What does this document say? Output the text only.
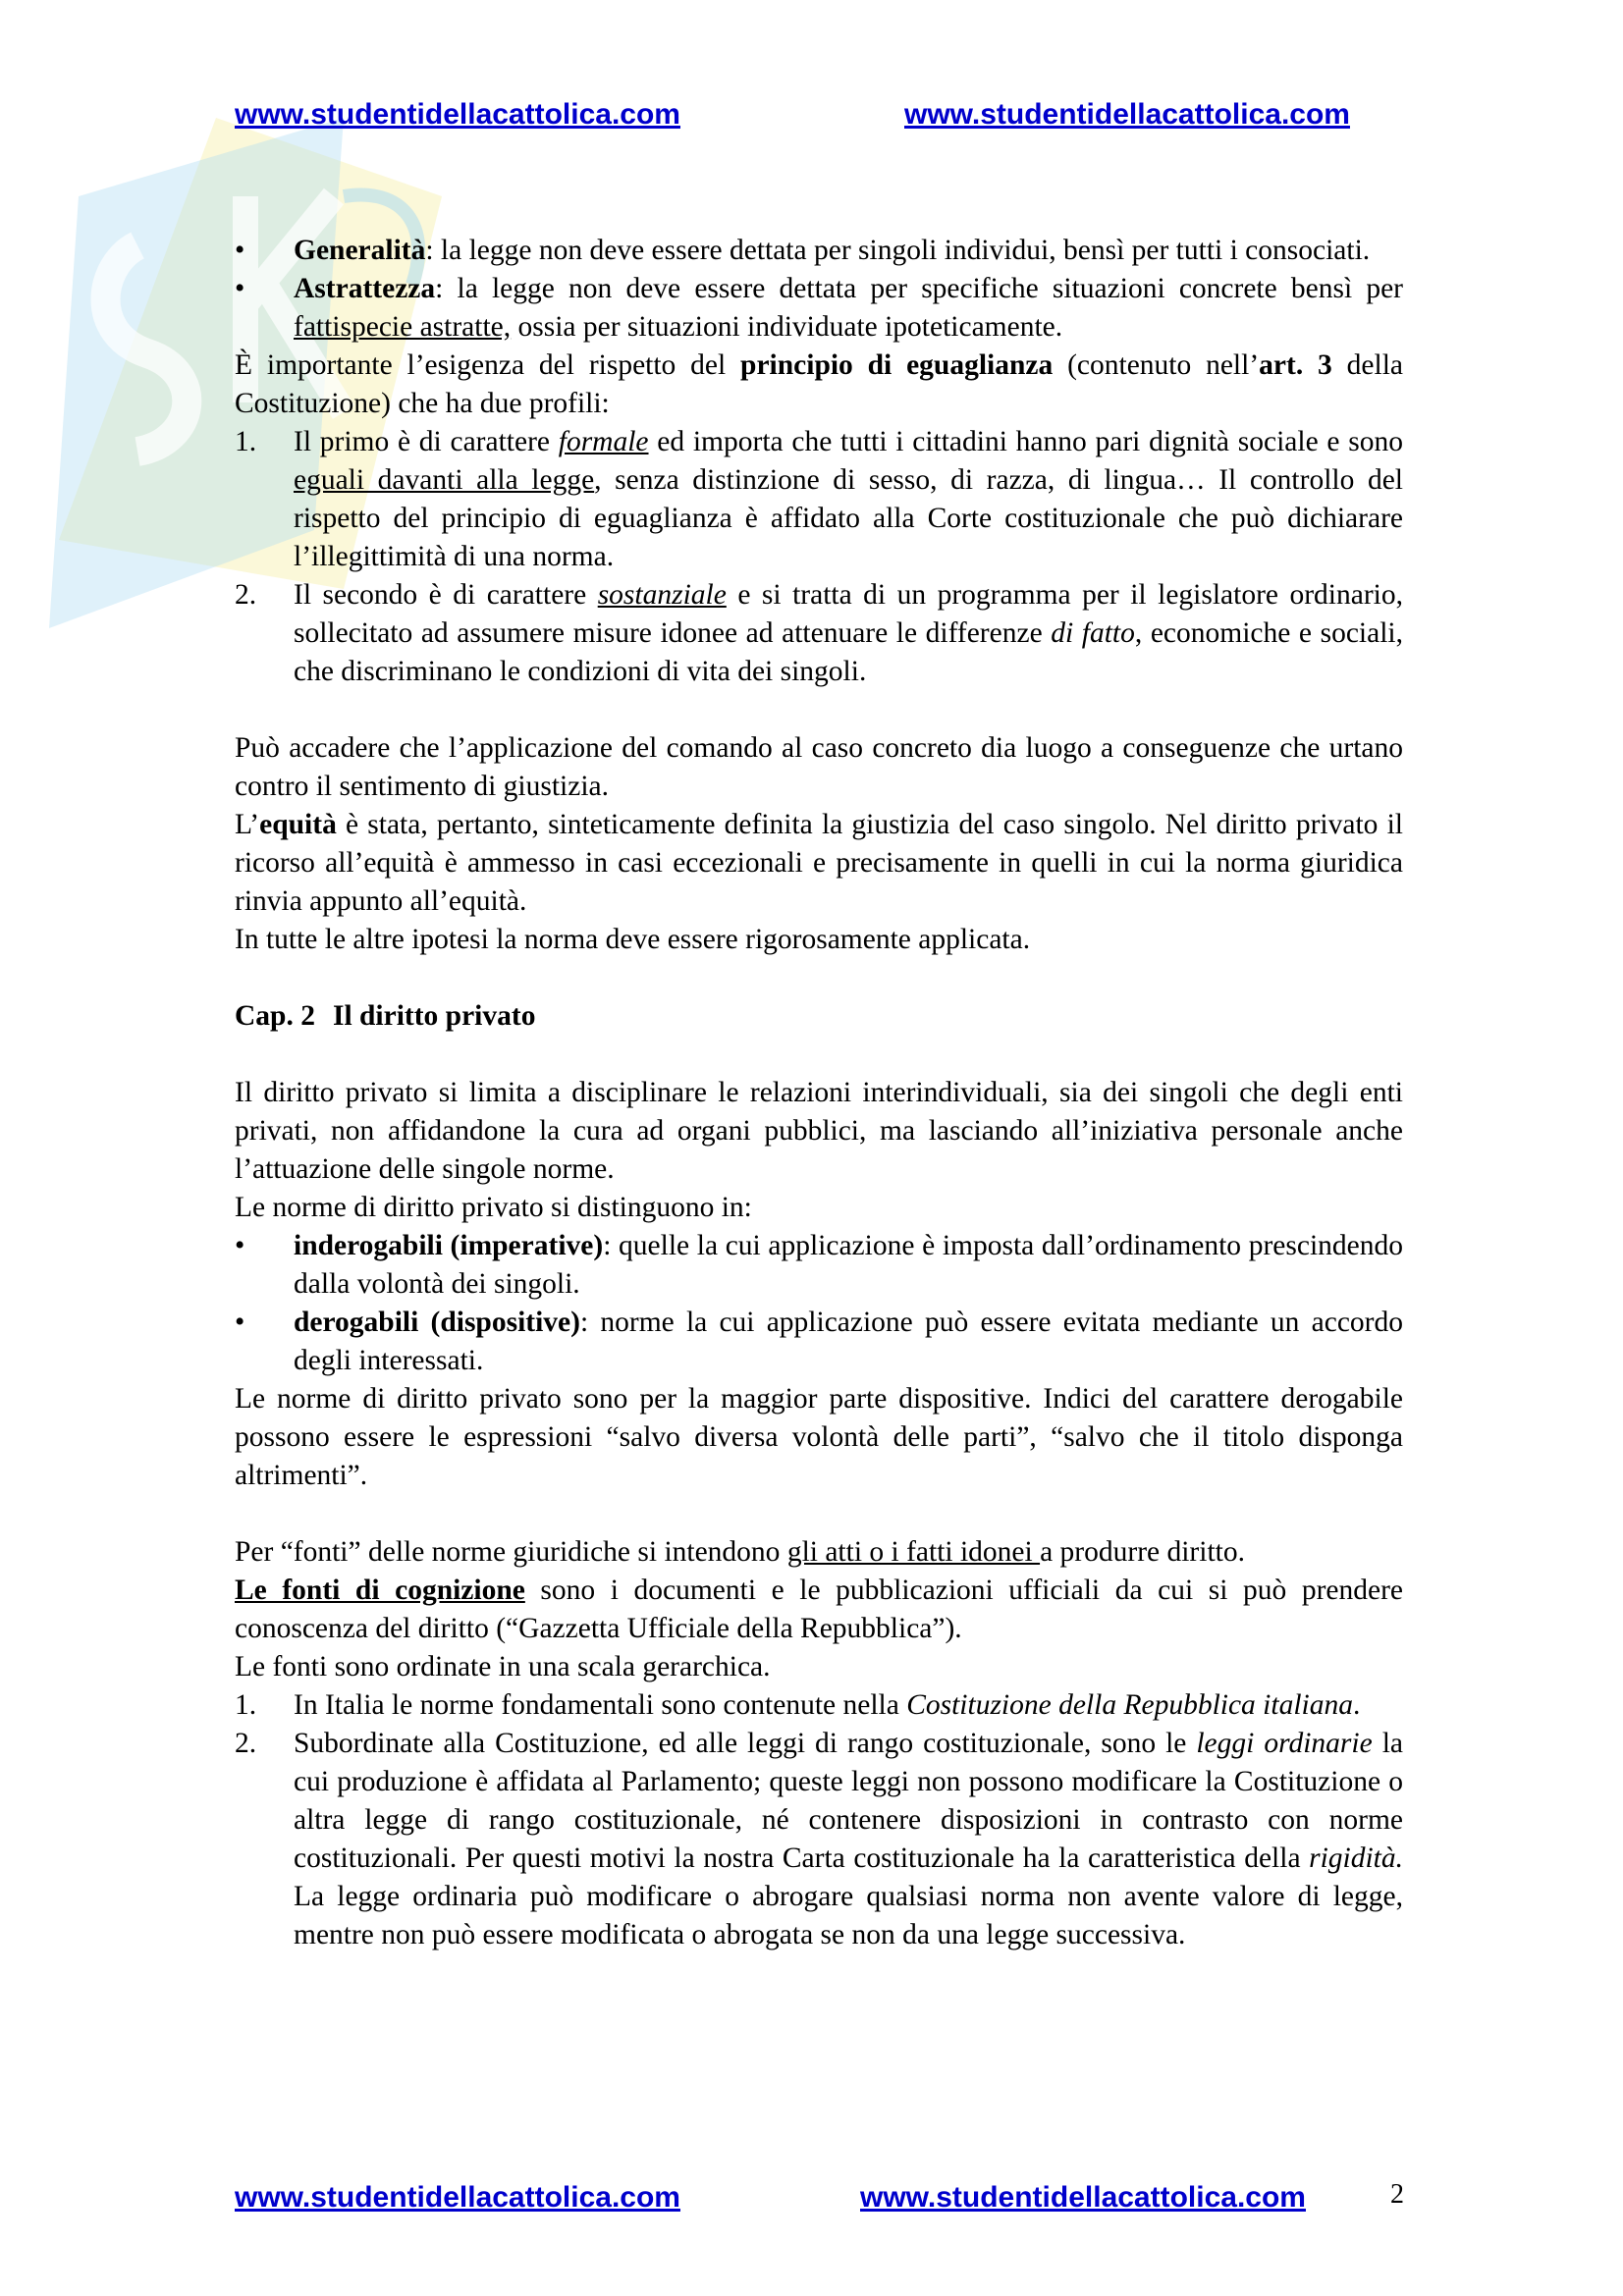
www.studentidellacattolica.com	www.studentidellacattolica.com
• Generalità: la legge non deve essere dettata per singoli individui, bensì per tutti i consociati.
• Astrattezza: la legge non deve essere dettata per specifiche situazioni concrete bensì per fattispecie astratte, ossia per situazioni individuate ipoteticamente.

È importante l’esigenza del rispetto del principio di eguaglianza (contenuto nell’art. 3 della Costituzione) che ha due profili:

1. Il primo è di carattere formale ed importa che tutti i cittadini hanno pari dignità sociale e sono eguali davanti alla legge, senza distinzione di sesso, di razza, di lingua… Il controllo del rispetto del principio di eguaglianza è affidato alla Corte costituzionale che può dichiarare l’illegittimità di una norma.
2. Il secondo è di carattere sostanziale e si tratta di un programma per il legislatore ordinario, sollecitato ad assumere misure idonee ad attenuare le differenze di fatto, economiche e sociali, che discriminano le condizioni di vita dei singoli.

Può accadere che l’applicazione del comando al caso concreto dia luogo a conseguenze che urtano contro il sentimento di giustizia.

L’equità è stata, pertanto, sinteticamente definita la giustizia del caso singolo. Nel diritto privato il ricorso all’equità è ammesso in casi eccezionali e precisamente in quelli in cui la norma giuridica rinvia appunto all’equità.

In tutte le altre ipotesi la norma deve essere rigorosamente applicata.

Cap. 2 Il diritto privato

Il diritto privato si limita a disciplinare le relazioni interindividuali, sia dei singoli che degli enti privati, non affidandone la cura ad organi pubblici, ma lasciando all’iniziativa personale anche l’attuazione delle singole norme.

Le norme di diritto privato si distinguono in:

• inderogabili (imperative): quelle la cui applicazione è imposta dall’ordinamento prescindendo dalla volontà dei singoli.
• derogabili (dispositive): norme la cui applicazione può essere evitata mediante un accordo degli interessati.

Le norme di diritto privato sono per la maggior parte dispositive. Indici del carattere derogabile possono essere le espressioni “salvo diversa volontà delle parti”, “salvo che il titolo disponga altrimenti”.

Per “fonti” delle norme giuridiche si intendono gli atti o i fatti idonei a produrre diritto.

Le fonti di cognizione sono i documenti e le pubblicazioni ufficiali da cui si può prendere conoscenza del diritto (“Gazzetta Ufficiale della Repubblica”).

Le fonti sono ordinate in una scala gerarchica.

1. In Italia le norme fondamentali sono contenute nella Costituzione della Repubblica italiana.
2. Subordinate alla Costituzione, ed alle leggi di rango costituzionale, sono le leggi ordinarie la cui produzione è affidata al Parlamento; queste leggi non possono modificare la Costituzione o altra legge di rango costituzionale, né contenere disposizioni in contrasto con norme costituzionali. Per questi motivi la nostra Carta costituzionale ha la caratteristica della rigidità. La legge ordinaria può modificare o abrogare qualsiasi norma non avente valore di legge, mentre non può essere modificata o abrogata se non da una legge successiva.
www.studentidellacattolica.com	www.studentidellacattolica.com	2
